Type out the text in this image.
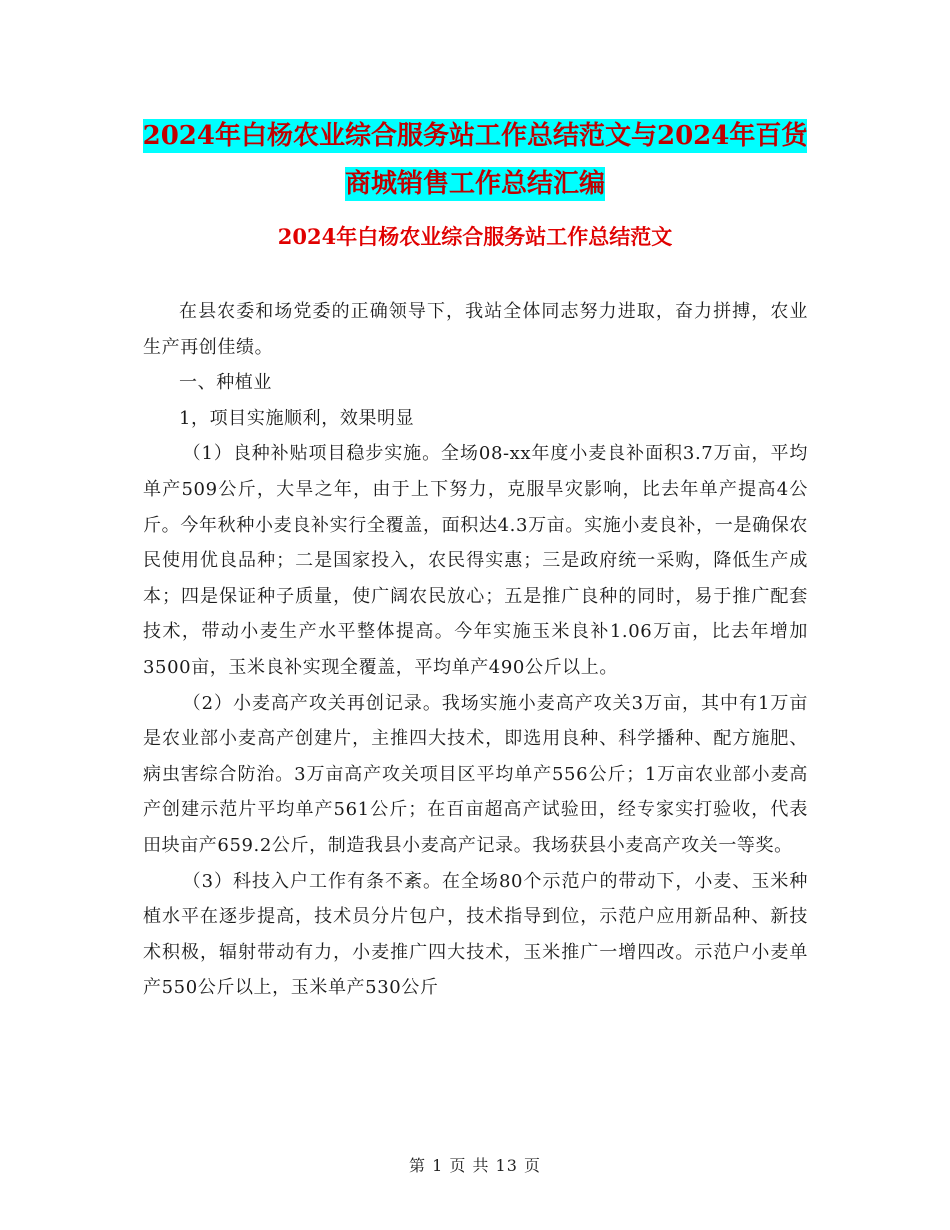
2024年白杨农业综合服务站工作总结范文与2024年百货商城销售工作总结汇编
2024年白杨农业综合服务站工作总结范文

在县农委和场党委的正确领导下，我站全体同志努力进取，奋力拼搏，农业生产再创佳绩。

一、种植业

1，项目实施顺利，效果明显

（1）良种补贴项目稳步实施。全场08-xx年度小麦良补面积3.7万亩，平均单产509公斤，大旱之年，由于上下努力，克服旱灾影响，比去年单产提高4公斤。今年秋种小麦良补实行全覆盖，面积达4.3万亩。实施小麦良补，一是确保农民使用优良品种；二是国家投入，农民得实惠；三是政府统一采购，降低生产成本；四是保证种子质量，使广阔农民放心；五是推广良种的同时，易于推广配套技术，带动小麦生产水平整体提高。今年实施玉米良补1.06万亩，比去年增加3500亩，玉米良补实现全覆盖，平均单产490公斤以上。

（2）小麦高产攻关再创记录。我场实施小麦高产攻关3万亩，其中有1万亩是农业部小麦高产创建片，主推四大技术，即选用良种、科学播种、配方施肥、病虫害综合防治。3万亩高产攻关项目区平均单产556公斤；1万亩农业部小麦高产创建示范片平均单产561公斤；在百亩超高产试验田，经专家实打验收，代表田块亩产659.2公斤，制造我县小麦高产记录。我场获县小麦高产攻关一等奖。

（3）科技入户工作有条不紊。在全场80个示范户的带动下，小麦、玉米种植水平在逐步提高，技术员分片包户，技术指导到位，示范户应用新品种、新技术积极，辐射带动有力，小麦推广四大技术，玉米推广一增四改。示范户小麦单产550公斤以上，玉米单产530公斤

第 1 页 共 13 页
